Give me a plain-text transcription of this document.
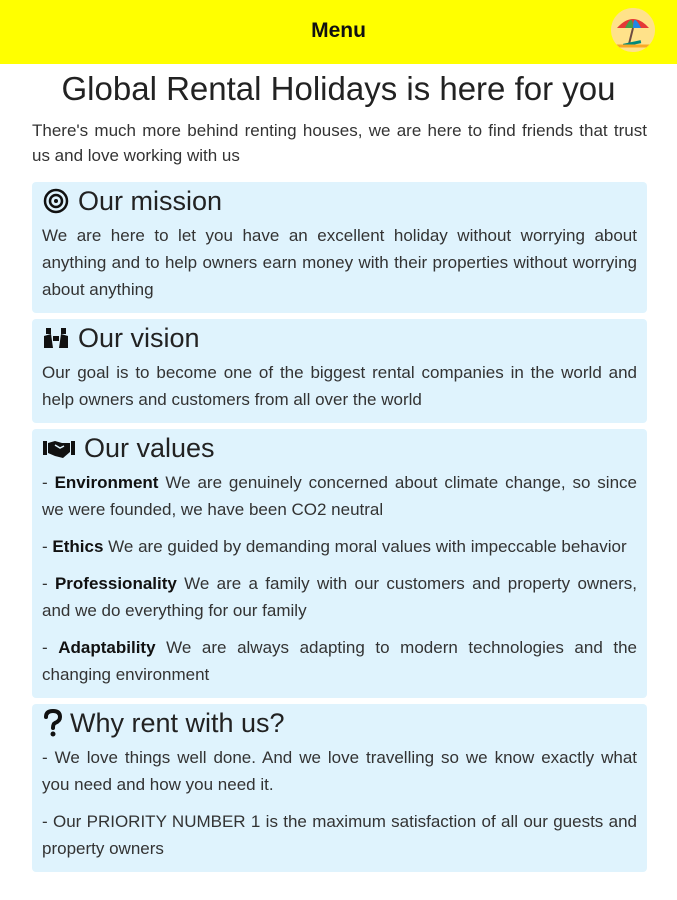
Menu
Global Rental Holidays is here for you

There's much more behind renting houses, we are here to find friends that trust us and love working with us

Our mission

We are here to let you have an excellent holiday without worrying about anything and to help owners earn money with their properties without worrying about anything

Our vision

Our goal is to become one of the biggest rental companies in the world and help owners and customers from all over the world

Our values

- Environment We are genuinely concerned about climate change, so since we were founded, we have been CO2 neutral

- Ethics We are guided by demanding moral values with impeccable behavior

- Professionality We are a family with our customers and property owners, and we do everything for our family

- Adaptability We are always adapting to modern technologies and the changing environment

Why rent with us?

- We love things well done. And we love travelling so we know exactly what you need and how you need it.

- Our PRIORITY NUMBER 1 is the maximum satisfaction of all our guests and property owners
